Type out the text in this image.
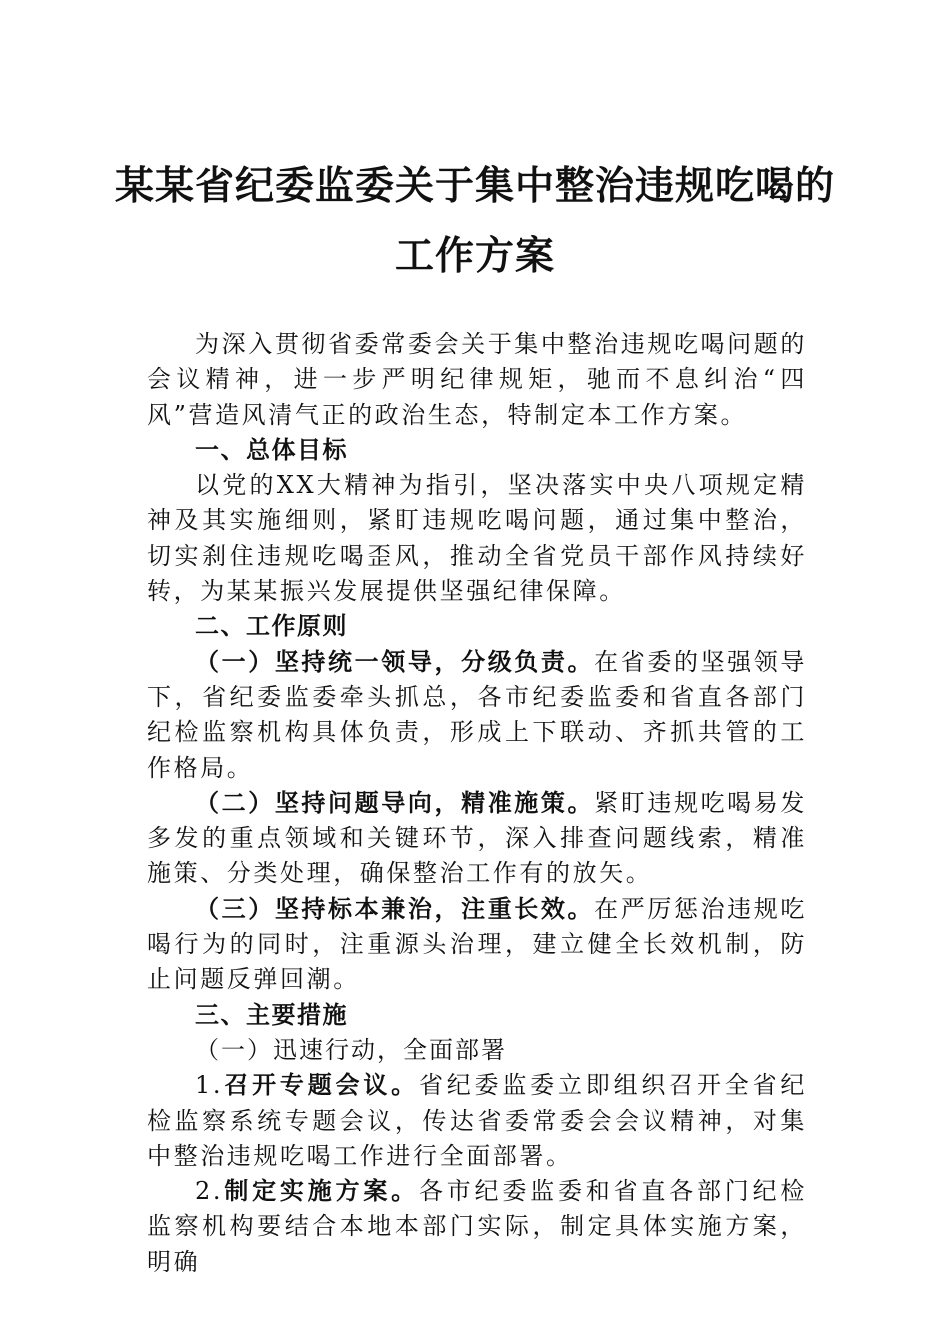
某某省纪委监委关于集中整治违规吃喝的
工作方案

为深入贯彻省委常委会关于集中整治违规吃喝问题的会议精神，进一步严明纪律规矩，驰而不息纠治“四风”营造风清气正的政治生态，特制定本工作方案。

一、总体目标

以党的XX大精神为指引，坚决落实中央八项规定精神及其实施细则，紧盯违规吃喝问题，通过集中整治，切实刹住违规吃喝歪风，推动全省党员干部作风持续好转，为某某振兴发展提供坚强纪律保障。

二、工作原则

（一）坚持统一领导，分级负责。在省委的坚强领导下，省纪委监委牵头抓总，各市纪委监委和省直各部门纪检监察机构具体负责，形成上下联动、齐抓共管的工作格局。

（二）坚持问题导向，精准施策。紧盯违规吃喝易发多发的重点领域和关键环节，深入排查问题线索，精准施策、分类处理，确保整治工作有的放矢。

（三）坚持标本兼治，注重长效。在严厉惩治违规吃喝行为的同时，注重源头治理，建立健全长效机制，防止问题反弹回潮。

三、主要措施

（一）迅速行动，全面部署

1.召开专题会议。省纪委监委立即组织召开全省纪检监察系统专题会议，传达省委常委会会议精神，对集中整治违规吃喝工作进行全面部署。

2.制定实施方案。各市纪委监委和省直各部门纪检监察机构要结合本地本部门实际，制定具体实施方案，明确
